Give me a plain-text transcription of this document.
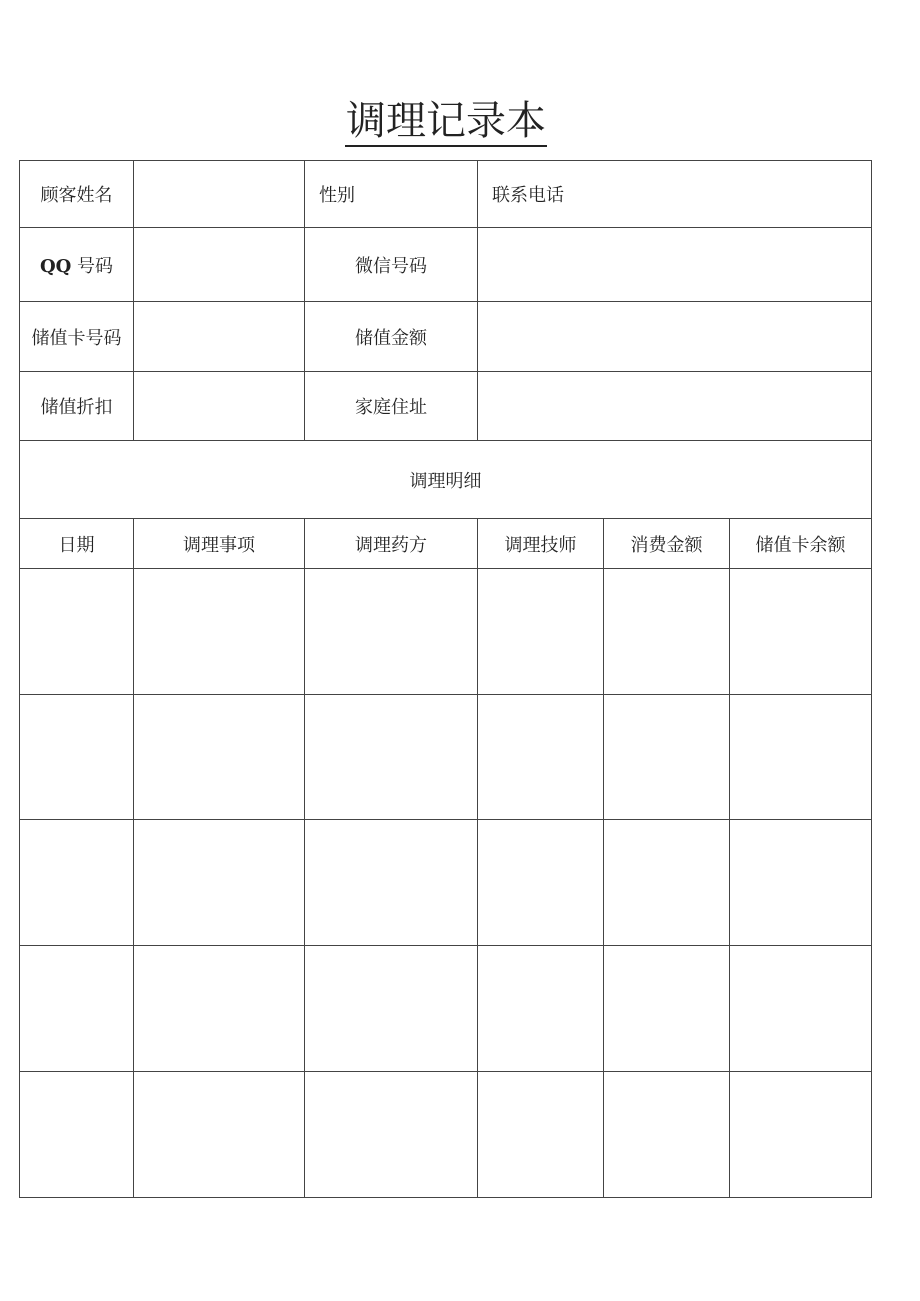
调理记录本
顾客姓名		性别	联系电话		
QQ 号码		微信号码			
储值卡号码		储值金额			
储值折扣		家庭住址			
调理明细					
日期	调理事项	调理药方	调理技师	消费金额	储值卡余额
